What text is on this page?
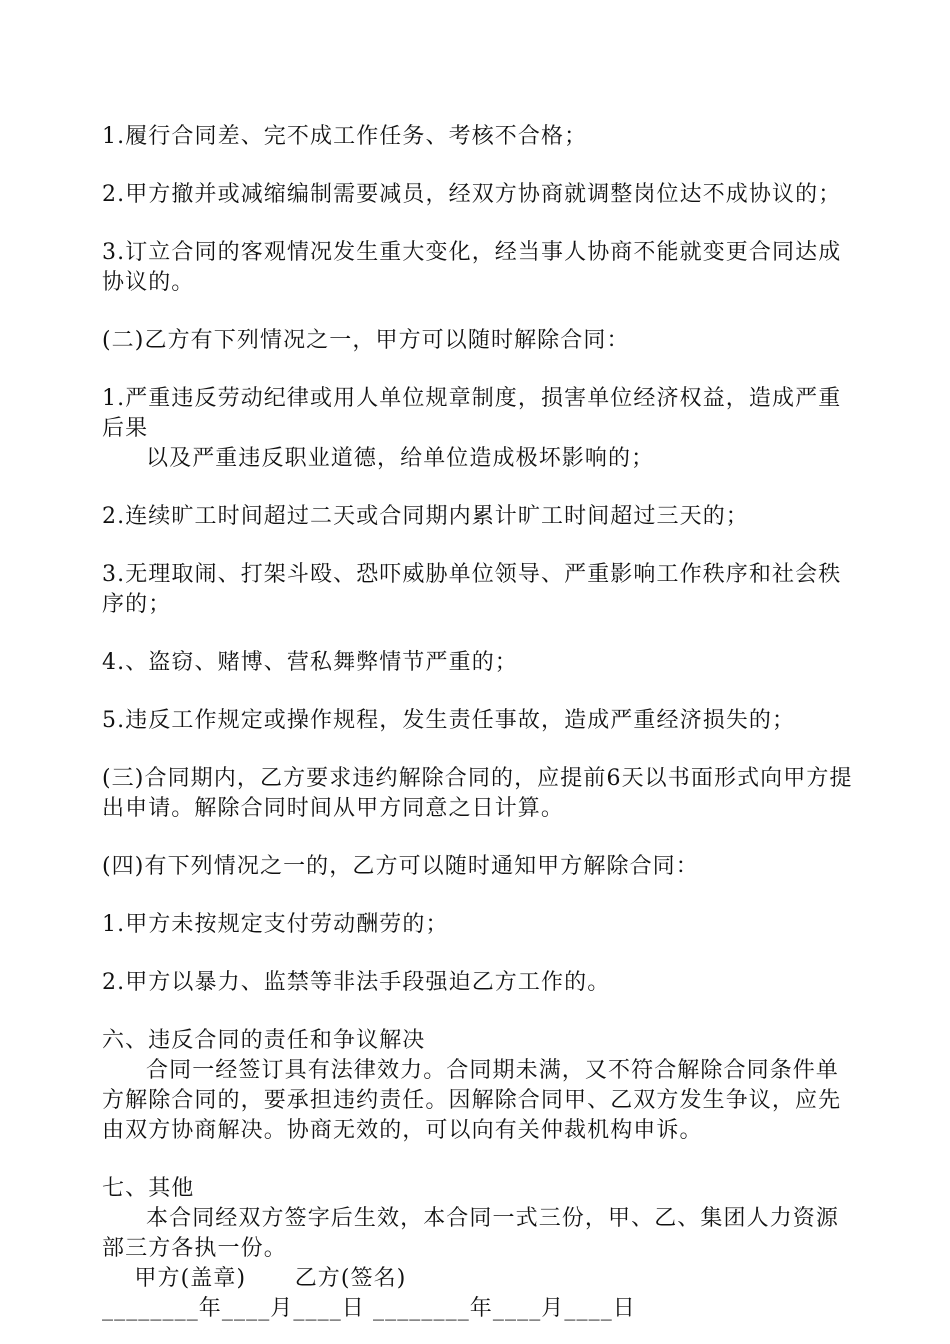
1.履行合同差、完不成工作任务、考核不合格；

2.甲方撤并或减缩编制需要减员，经双方协商就调整岗位达不成协议的；

3.订立合同的客观情况发生重大变化，经当事人协商不能就变更合同达成协议的。

(二)乙方有下列情况之一，甲方可以随时解除合同：

1.严重违反劳动纪律或用人单位规章制度，损害单位经济权益，造成严重后果

以及严重违反职业道德，给单位造成极坏影响的；

2.连续旷工时间超过二天或合同期内累计旷工时间超过三天的；

3.无理取闹、打架斗殴、恐吓威胁单位领导、严重影响工作秩序和社会秩序的；

4.、盗窃、赌博、营私舞弊情节严重的；

5.违反工作规定或操作规程，发生责任事故，造成严重经济损失的；

(三)合同期内，乙方要求违约解除合同的，应提前6天以书面形式向甲方提出申请。解除合同时间从甲方同意之日计算。

(四)有下列情况之一的，乙方可以随时通知甲方解除合同：

1.甲方未按规定支付劳动酬劳的；

2.甲方以暴力、监禁等非法手段强迫乙方工作的。

六、违反合同的责任和争议解决

合同一经签订具有法律效力。合同期未满，又不符合解除合同条件单方解除合同的，要承担违约责任。因解除合同甲、乙双方发生争议，应先由双方协商解决。协商无效的，可以向有关仲裁机构申诉。

七、其他

本合同经双方签字后生效，本合同一式三份，甲、乙、集团人力资源部三方各执一份。

甲方(盖章)      乙方(签名)

________年____月____日 ________年____月____日
